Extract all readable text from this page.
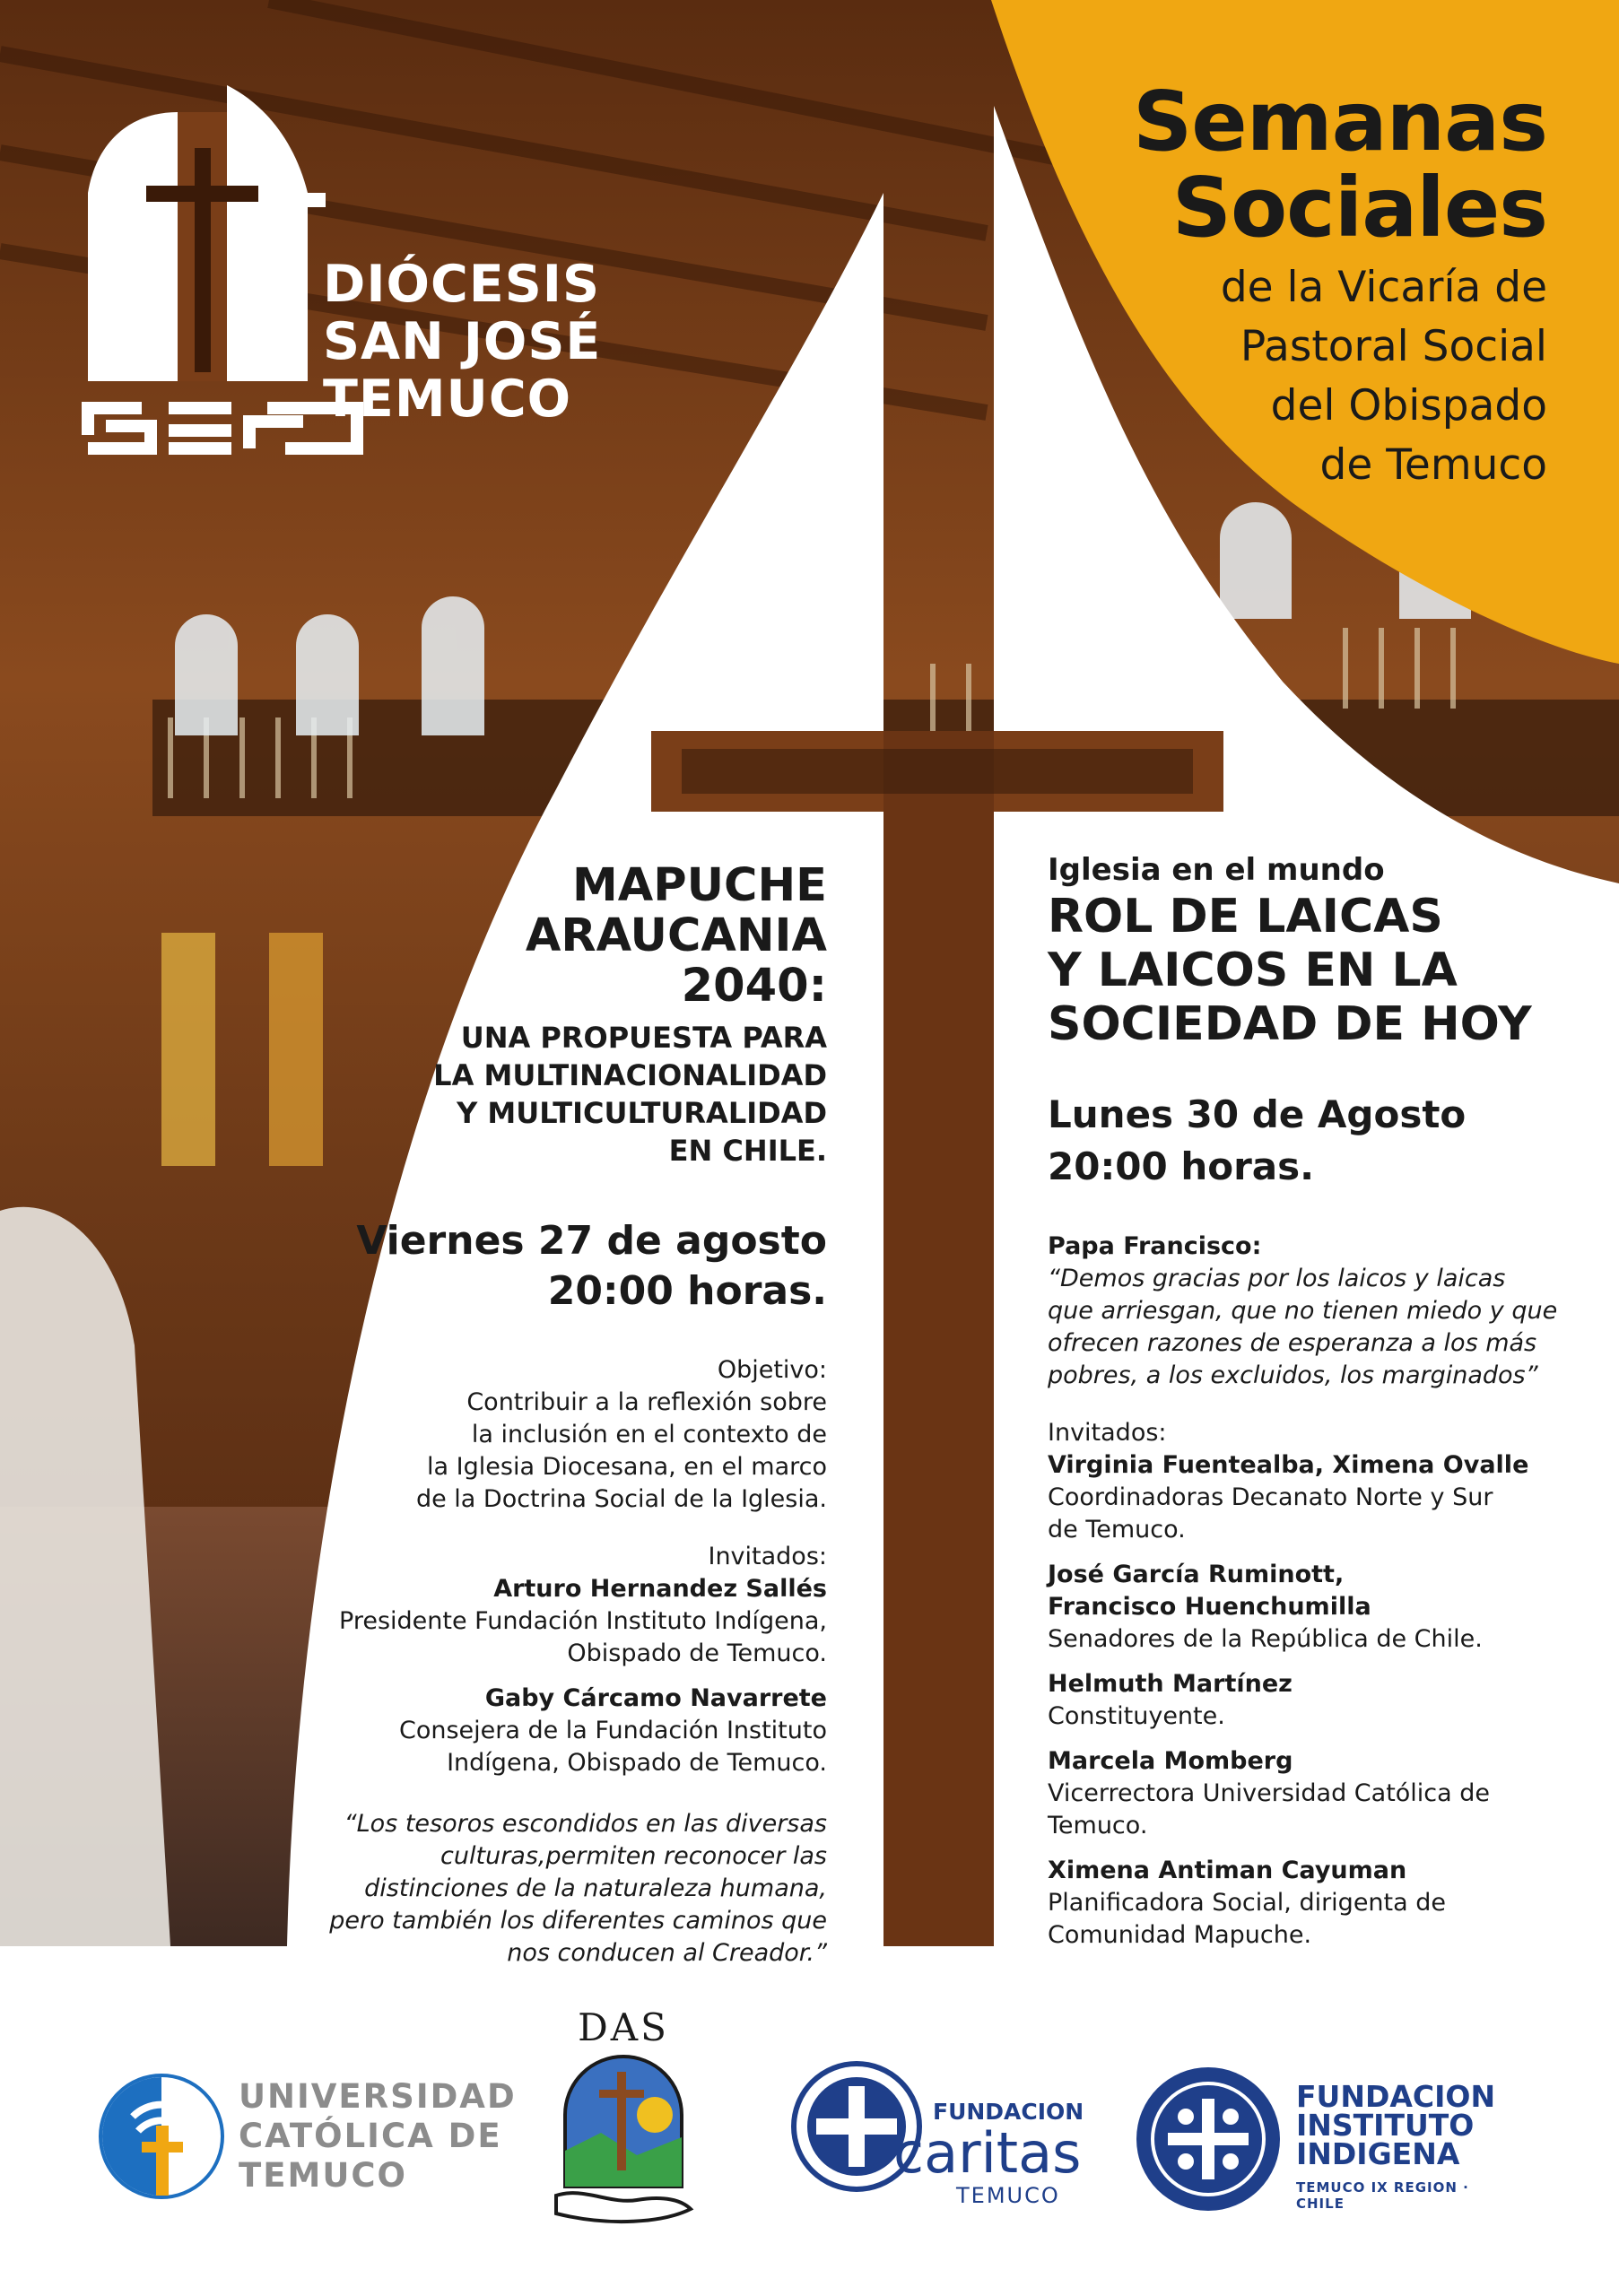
DIÓCESIS
SAN JOSÉ
TEMUCO
Semanas
Sociales
de la Vicaría de
Pastoral Social
del Obispado
de Temuco
MAPUCHE
ARAUCANIA
2040:
UNA PROPUESTA PARA
LA MULTINACIONALIDAD
Y MULTICULTURALIDAD
EN CHILE.
Viernes 27 de agosto
20:00 horas.
Objetivo:
Contribuir a la reflexión sobre
la inclusión en el contexto de
la Iglesia Diocesana, en el marco
de la Doctrina Social de la Iglesia.
Invitados:
Arturo Hernandez Sallés
Presidente Fundación Instituto Indígena,
Obispado de Temuco.
Gaby Cárcamo Navarrete
Consejera de la Fundación Instituto
Indígena, Obispado de Temuco.
“Los tesoros escondidos en las diversas
culturas,permiten reconocer las
distinciones de la naturaleza humana,
pero también los diferentes caminos que
nos conducen al Creador.”
Iglesia en el mundo
ROL DE LAICAS
Y LAICOS EN LA
SOCIEDAD DE HOY
Lunes 30 de Agosto
20:00 horas.
Papa Francisco:
“Demos gracias por los laicos y laicas
que arriesgan, que no tienen miedo y que
ofrecen razones de esperanza a los más
pobres, a los excluidos, los marginados”
Invitados:
Virginia Fuentealba, Ximena Ovalle
Coordinadoras Decanato Norte y Sur
de Temuco.
José García Ruminott,
Francisco Huenchumilla
Senadores de la República de Chile.
Helmuth Martínez
Constituyente.
Marcela Momberg
Vicerrectora Universidad Católica de
Temuco.
Ximena Antiman Cayuman
Planificadora Social, dirigenta de
Comunidad Mapuche.
UNIVERSIDAD
CATÓLICA DE
TEMUCO
DAS
FUNDACION
caritas
TEMUCO
FUNDACION
INSTITUTO
INDIGENA
TEMUCO IX REGION · CHILE
